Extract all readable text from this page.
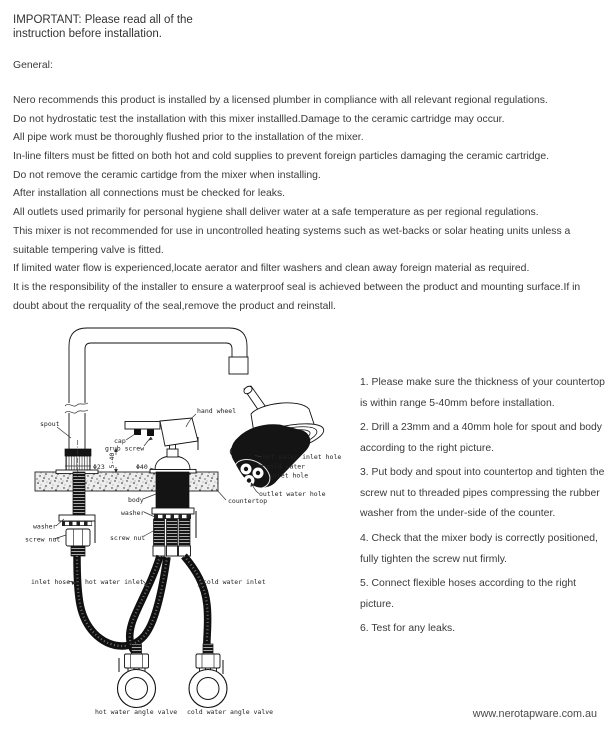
IMPORTANT: Please read all of the
instruction before installation.
General:
Nero recommends this product is installed by a licensed plumber in compliance with all relevant regional regulations.
Do not hydrostatic test the installation with this mixer installled.Damage to the ceramic cartridge may occur.
All pipe work must be thoroughly flushed prior to the installation of the mixer.
In-line filters must be fitted on both hot and cold supplies to prevent foreign particles damaging the ceramic cartridge.
Do not remove the ceramic cartidge from the mixer when installing.
After installation all connections must be checked for leaks.
All outlets used primarily for personal hygiene shall deliver water at a safe temperature as per regional regulations.
This mixer is not recommended for use in uncontrolled heating systems such as wet-backs or solar heating units unless a
suitable tempering valve is fitted.
If limited water flow is experienced,locate aerator and filter washers and clean away foreign material as required.
It is the responsibility of the installer to ensure a waterproof seal is achieved between the product and mounting surface.If in
doubt about the rerquality of the seal,remove the product and reinstall.
1. Please make sure the thickness of your countertop
is within range 5-40mm before installation.
2. Drill a 23mm and a 40mm hole for spout and body
according to the right picture.
3. Put body and spout into countertop and tighten the
screw nut to threaded pipes compressing the rubber
washer from the under-side of the counter.
4. Check that the mixer body is correctly positioned,
fully tighten the screw nut firmly.
5. Connect flexible hoses according to the right
picture.
6. Test for any leaks.
www.nerotapware.com.au
spout
hand wheel
cap
grub screw
Φ23	Φ40
5-40	hot water inlet hole
cold water
inlet hole
outlet water hole
countertop
body
washer
screw nut
washer
screw nut
inlet hose hot water inlet	cold water inlet
hot water angle valve cold water angle valve
